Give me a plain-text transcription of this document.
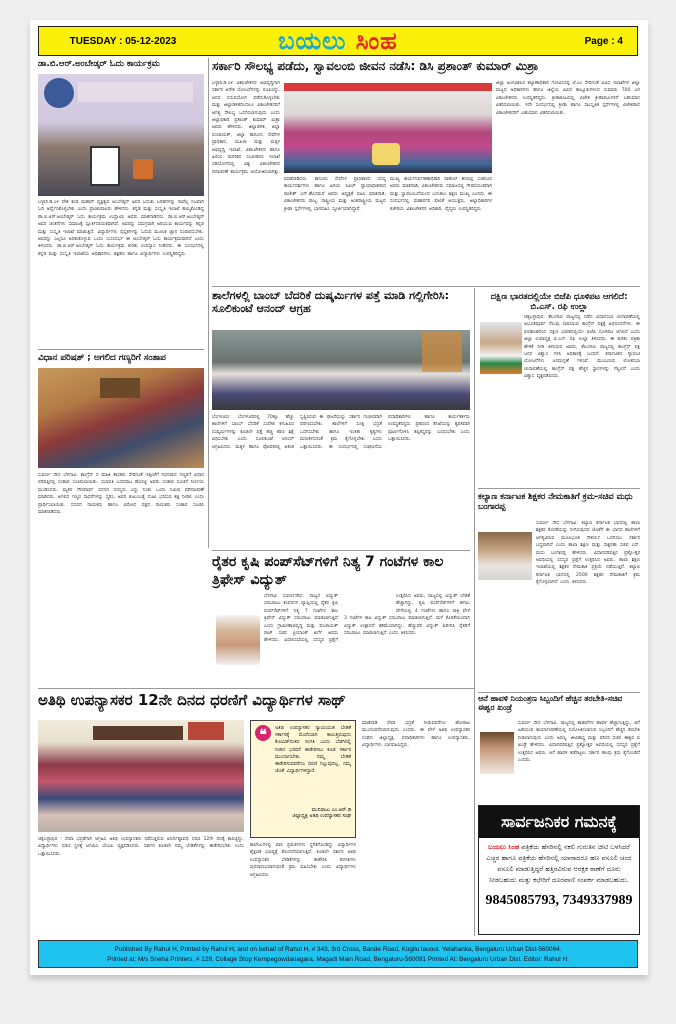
TUESDAY : 05-12-2023	ಬಯಲು ಸಿಂಹ	Page : 4
ಡಾ.ಬಿ.ಆರ್.ಅಂಬೇಡ್ಕರ್ ಓದು ಕಾರ್ಯಕ್ರಮ
ಬಳ್ಳಾರಿ.ಡಿ.೦೪ ದೇಶ ಕಂಡ ಮಹಾನ್ ವ್ಯಕ್ತಿತ್ವದ ಅಂಬೇಡ್ಕರ್ ಅವರ ಬದುಕು ಬರಹಗಳನ್ನು ನಾವೆಲ್ಲ ನಿಜವಾಗಿ ಓದಿ ಅರ್ಥೈಸಿಕೊಳ್ಳಬೇಕು ಎಂದು ಪ್ರಾಂಶುಪಾಲರು ಹೇಳಿದರು. ಕನ್ನಡ ಮತ್ತು ಸಂಸ್ಕೃತಿ ಇಲಾಖೆ ಹಮ್ಮಿಕೊಂಡಿದ್ದ ಡಾ.ಬಿ.ಆರ್.ಅಂಬೇಡ್ಕರ್ ಓದು ಕಾರ್ಯಕ್ರಮ ಉದ್ಘಾಟಿಸಿ ಅವರು ಮಾತನಾಡಿದರು. ಡಾ.ಬಿ.ಆರ್.ಅಂಬೇಡ್ಕರ್ ಅವರ ಚಿಂತನೆಗಳು ಸಮಾಜಕ್ಕೆ ಸ್ಪೂರ್ತಿದಾಯಕವಾಗಿವೆ, ಅವರನ್ನು ಸಮಗ್ರವಾಗಿ ಅರಿಯುವ ಕಾರ್ಯವನ್ನು ಕನ್ನಡ ಮತ್ತು ಸಂಸ್ಕೃತಿ ಇಲಾಖೆ ಮಾಡುತ್ತಿದೆ. ವಿದ್ಯಾರ್ಥಿಗಳು ಪುಸ್ತಕಗಳನ್ನು ಓದುವ ಮೂಲಕ ಜ್ಞಾನ ಸಂಪಾದಿಸಬೇಕು. ಅವರನ್ನು ಎಲ್ಲರೂ ಅರಿತುಕೊಳ್ಳುವ ಒಂದು ಸುಸಂದರ್ಭ ಈ ಅಂಬೇಡ್ಕರ್ ಓದು ಕಾರ್ಯಕ್ರಮವಾಗಿದೆ ಎಂದು ತಿಳಿಸಿದರು. ಡಾ.ಬಿ.ಆರ್.ಅಂಬೇಡ್ಕರ್ ಓದು ಕಾರ್ಯಕ್ರಮ ಕುರಿತು ಉಪನ್ಯಾಸ ನೀಡಿದರು. ಈ ಸಂದರ್ಭದಲ್ಲಿ ಕನ್ನಡ ಮತ್ತು ಸಂಸ್ಕೃತಿ ಇಲಾಖೆಯ ಅಧಿಕಾರಿಗಳು, ಶಿಕ್ಷಕರು ಹಾಗೂ ವಿದ್ಯಾರ್ಥಿಗಳು ಉಪಸ್ಥಿತರಿದ್ದರು.
ಸರ್ಕಾರಿ ಸೌಲಭ್ಯ ಪಡೆದು, ಸ್ವಾವಲಂಬಿ ಜೀವನ ನಡೆಸಿ: ಡಿಸಿ ಪ್ರಶಾಂತ್ ಕುಮಾರ್ ಮಿಶ್ರಾ
ಬಳ್ಳಾರಿ.ಡಿ.೦೪ ವಿಕಲಚೇತನರ ಅಭಿವೃದ್ಧಿಗಾಗಿ ಸರ್ಕಾರ ಅನೇಕ ಯೋಜನೆಗಳನ್ನು ರೂಪಿಸಿದ್ದು, ಅದರ ಸದುಪಯೋಗ ಪಡೆದುಕೊಳ್ಳಬೇಕು ಮತ್ತು ಜಿಲ್ಲಾಡಳಿತದಿಂದಲೂ ವಿಕಲಚೇತನರಿಗೆ ಅಗತ್ಯ ಸೌಲಭ್ಯ ಒದಗಿಸಲಾಗುವುದು ಎಂದು ಜಿಲ್ಲಾಧಿಕಾರಿ ಪ್ರಶಾಂತ್ ಕುಮಾರ್ ಮಿಶ್ರಾ ಅವರು ಹೇಳಿದರು. ಜಿಲ್ಲಾಡಳಿತ, ಜಿಲ್ಲಾ ಪಂಚಾಯತ್, ಜಿಲ್ಲಾ ಕಾನೂನು ಸೇವೆಗಳ ಪ್ರಾಧಿಕಾರ, ಮಹಿಳಾ ಮತ್ತು ಮಕ್ಕಳ ಅಭಿವೃದ್ಧಿ ಇಲಾಖೆ, ವಿಕಲಚೇತನರ ಹಾಗೂ ಹಿರಿಯ ನಾಗರಿಕರ ಸಬಲೀಕರಣ ಇಲಾಖೆ ಸಹಯೋಗದಲ್ಲಿ ವಿಶ್ವ ವಿಕಲಚೇತನರ ದಿನಾಚರಣೆ ಕಾರ್ಯಕ್ರಮ ಆಯೋಜಿಸಲಾಗಿತ್ತು.
ಮಾತನಾಡಿದರು. ಕಾನೂನು ಸೇವೆಗಳ ಪ್ರಾಧಿಕಾರದ ಸದಸ್ಯ ಕಾರ್ಯದರ್ಶಿಗಳು ಹಾಗೂ ಹಿರಿಯ ಸಿವಿಲ್ ನ್ಯಾಯಾಧೀಶರಾದ ರಾಜೇಶ್ ಎನ್.ಹೊಸಮನೆ ಅವರು ಅಧ್ಯಕ್ಷತೆ ವಹಿಸಿ ಮಾತನಾಡಿ, ವಿಕಲಚೇತನರು ರಾಜ್ಯ, ರಾಷ್ಟ್ರೀಯ ಮತ್ತು ಅಂತರಾಷ್ಟ್ರೀಯ ಮಟ್ಟದ ಕ್ರೀಡಾ ಸ್ಪರ್ಧೆಗಳಲ್ಲಿ ಭಾಗವಹಿಸಿ ಸ್ಫೂರ್ತಿಯಾಗಿದ್ದಾರೆ.
ಮುಖ್ಯ ಕಾರ್ಯನಿರ್ವಹಣಾಧಿಕಾರಿ ರಾಹುಲ್ ಶರಣಪ್ಪ ಸಂಕನೂರ ಅವರು ಮಾತನಾಡಿ, ವಿಕಲಚೇತನರು ಸಮಾಜದಲ್ಲಿ ಗೌರವಯುತವಾಗಿ ಮತ್ತು ಸ್ವಾವಲಂಬನೆಯಿಂದ ಬದುಕಲು ಶಿಕ್ಷಣ ಮುಖ್ಯ ಎಂದರು. ಈ ಸಂದರ್ಭದಲ್ಲಿ ಮಹಾನಗರ ಪಾಲಿಕೆ ಆಯುಕ್ತರು, ಜಿಲ್ಲಾಧಿಕಾರಿಗಳ ಕಚೇರಿಯ ವಿಕಲಚೇತನರ ಅಧಿಕಾರಿ, ವೈದ್ಯರು ಉಪಸ್ಥಿತರಿದ್ದರು.
ಜಿಲ್ಲಾ ಅಂಗವಿಕಲರ ಕಲ್ಯಾಣಾಧಿಕಾರಿ ಗೋವಿಂದಪ್ಪ ಜೆ.ಎಂ ಸೇರಿದಂತೆ ವಿವಿಧ ಇಲಾಖೆಗಳ ಜಿಲ್ಲಾ ಮಟ್ಟದ ಅಧಿಕಾರಿಗಳು ಹಾಗೂ ಜಿಲ್ಲೆಯ ವಿವಿಧ ತಾಲ್ಲೂಕುಗಳಿಂದ ಸುಮಾರು 700 ಜನ ವಿಕಲಚೇತನರು ಉಪಸ್ಥಿತರಿದ್ದರು. ಕ್ರೀಡಾಕೂಟದಲ್ಲಿ ವಿಜೇತ ಕ್ರೀಡಾಪಟುಗಳಿಗೆ ಬಹುಮಾನ ವಿತರಿಸಲಾಯಿತು. ಇದೇ ಸಂದರ್ಭದಲ್ಲಿ ಕ್ರೀಡಾ ಹಾಗೂ ಸಾಂಸ್ಕೃತಿಕ ಸ್ಪರ್ಧೆಗಳಲ್ಲಿ ವಿಜೇತರಾದ ವಿಕಲಚೇತನರಿಗೆ ಬಹುಮಾನ ವಿತರಿಸಲಾಯಿತು.
ವಿಧಾನ ಪರಿಷತ್ ; ಅಗಲಿದ ಗಣ್ಯರಿಗೆ ಸಂತಾಪ
ಸುವರ್ಣ ಸೌಧ ಬೆಳಗಾವಿ: ಕಾಂಗ್ರೆಸ್ ನ ಮಾಜಿ ಶಾಸಕರು ಸೇರಿದಂತೆ ಇತ್ತೀಚೆಗೆ ನಿಧನರಾದ ಗಣ್ಯರಿಗೆ ವಿಧಾನ ಪರಿಷತ್ತಿನಲ್ಲಿ ಸಂತಾಪ ಸೂಚಿಸಲಾಯಿತು. ಸಭಾಪತಿ ಬಸವರಾಜ ಹೊರಟ್ಟಿ ಅವರು ಸಂತಾಪ ಸೂಚನೆ ನಿರ್ಣಯ ಮಂಡಿಸಿದರು. ಮೃತರ ಗೌರವಾರ್ಥ ಸದನದ ಸದಸ್ಯರು ಎದ್ದು ನಿಂತು ಒಂದು ನಿಮಿಷ ಮೌನಾಚರಣೆ ಮಾಡಿದರು. ಅಗಲಿದ ಗಣ್ಯರ ಸಾಧನೆಗಳನ್ನು ಸ್ಮರಿಸಿ, ಅವರ ಕುಟುಂಬಕ್ಕೆ ದುಃಖ ಭರಿಸುವ ಶಕ್ತಿ ನೀಡಲಿ ಎಂದು ಪ್ರಾರ್ಥಿಸಲಾಯಿತು. ಸದನದ ನಾಯಕರು ಹಾಗೂ ವಿರೋಧ ಪಕ್ಷದ ನಾಯಕರು ಸಂತಾಪ ಸೂಚಿಸಿ ಮಾತನಾಡಿದರು.
ಶಾಲೆಗಳಲ್ಲಿ ಬಾಂಬ್ ಬೆದರಿಕೆ ದುಷ್ಕರ್ಮಿಗಳ ಪತ್ತೆ ಮಾಡಿ ಗಲ್ಲಿಗೇರಿಸಿ: ಸೂಲಿಕುಂಟೆ ಆನಂದ್ ಆಗ್ರಹ
ಬೆಂಗಳೂರು: ಬೆಂಗಳೂರಿನಲ್ಲಿ 70ಕ್ಕೂ ಹೆಚ್ಚು ಶಾಲೆಗಳಿಗೆ ಬಾಂಬ್ ಬೆದರಿಕೆ ಸಂದೇಶ ಕಳುಹಿಸಿದ ದುಷ್ಕರ್ಮಿಗಳನ್ನು ಕೂಡಲೇ ಪತ್ತೆ ಹಚ್ಚಿ ಕಠಿಣ ಶಿಕ್ಷೆ ವಿಧಿಸಬೇಕು ಎಂದು ಸೂಲಿಕುಂಟೆ ಆನಂದ್ ಆಗ್ರಹಿಸಿದರು. ಮಕ್ಕಳ ಹಾಗೂ ಪೋಷಕರಲ್ಲಿ ಆತಂಕ ಸೃಷ್ಟಿಸಿರುವ ಈ ಘಟನೆಯನ್ನು ಸರ್ಕಾರ ಗಂಭೀರವಾಗಿ ಪರಿಗಣಿಸಬೇಕು. ಶಾಲೆಗಳಿಗೆ ಸೂಕ್ತ ಭದ್ರತೆ ಒದಗಿಸಬೇಕು ಹಾಗೂ ಇಂತಹ ಕೃತ್ಯಗಳು ಮರುಕಳಿಸದಂತೆ ಕ್ರಮ ಕೈಗೊಳ್ಳಬೇಕು ಎಂದು ಒತ್ತಾಯಿಸಿದರು. ಈ ಸಂದರ್ಭದಲ್ಲಿ ಸಂಘಟನೆಯ ಪದಾಧಿಕಾರಿಗಳು ಹಾಗೂ ಕಾರ್ಯಕರ್ತರು ಉಪಸ್ಥಿತರಿದ್ದರು. ಪ್ರಕರಣದ ತನಿಖೆಯನ್ನು ತ್ವರಿತವಾಗಿ ಪೂರ್ಣಗೊಳಿಸಿ ತಪ್ಪಿತಸ್ಥರನ್ನು ಬಂಧಿಸಬೇಕು ಎಂದು ಒತ್ತಾಯಿಸಿದರು.
ದಕ್ಷಿಣ ಭಾರತದಲ್ಲಿಯೇ ಬಿಜೆಪಿ ಧೂಳಿಪಟ ಆಗಲಿದೆ: ಬಿ.ಎಸ್. ರಫಿ ಉಲ್ಲಾ
ಚಿಕ್ಕಬಳ್ಳಾಪುರ: ತೆಲಂಗಾಣ ರಾಜ್ಯದಲ್ಲಿ ನಡೆದ ವಿಧಾನಸಭಾ ಚುನಾವಣೆಯಲ್ಲಿ ಅಭೂತಪೂರ್ವ ಗೆಲುವು ಸಾಧಿಸಿರುವ ಕಾಂಗ್ರೆಸ್ ಪಕ್ಷಕ್ಕೆ ಅಭಿನಂದನೆಗಳು. ಈ ಫಲಿತಾಂಶದಿಂದ ದಕ್ಷಿಣ ಭಾರತದಲ್ಲಿಯೇ ಬಿಜೆಪಿ ಧೂಳಿಪಟ ಆಗಲಿದೆ ಎಂದು ಜಿಲ್ಲಾ ಉಪಾಧ್ಯಕ್ಷ ಬಿ.ಎಸ್. ರಫಿ ಉಲ್ಲಾ ತಿಳಿಸಿದರು. ಈ ಕುರಿತು ಪತ್ರಿಕಾ ಹೇಳಿಕೆ ನೀಡಿ ತಿಳಿಸಿರುವ ಅವರು, ತೆಲಂಗಾಣ ರಾಜ್ಯದಲ್ಲಿ ಕಾಂಗ್ರೆಸ್ ಪಕ್ಷ ಜನರ ವಿಶ್ವಾಸ ಗಳಿಸಿ ಅಧಿಕಾರಕ್ಕೆ ಬಂದಿದೆ. ಕರ್ನಾಟಕದ ಗ್ಯಾರಂಟಿ ಯೋಜನೆಗಳು ಜನಮನ್ನಣೆ ಗಳಿಸಿವೆ. ಮುಂಬರುವ ಲೋಕಸಭಾ ಚುನಾವಣೆಯಲ್ಲಿ ಕಾಂಗ್ರೆಸ್ ಪಕ್ಷ ಹೆಚ್ಚಿನ ಸ್ಥಾನಗಳನ್ನು ಗೆಲ್ಲಲಿದೆ ಎಂದು ವಿಶ್ವಾಸ ವ್ಯಕ್ತಪಡಿಸಿದರು.
ಕಲ್ಯಾಣ ಕರ್ನಾಟಕ ಶಿಕ್ಷಕರ ನೇಮಕಾತಿಗೆ ಕ್ರಮ-ಸಚಿವ ಮಧು ಬಂಗಾರಪ್ಪ
ಸುವರ್ಣ ಸೌಧ ಬೆಳಗಾವಿ: ಕಲ್ಯಾಣ ಕರ್ನಾಟಕ ಭಾಗದಲ್ಲಿ ಶಾಲಾ ಶಿಕ್ಷಕರ ಕೊರತೆಯನ್ನು ನೀಗಿಸುವುದರ ಜೊತೆಗೆ ಈ ಭಾಗದ ಶಾಲೆಗಳಿಗೆ ಅಗತ್ಯವಿರುವ ಮೂಲಭೂತ ಸೌಕರ್ಯ ಒದಗಿಸಲು ಸರ್ಕಾರ ಬದ್ಧವಾಗಿದೆ ಎಂದು ಶಾಲಾ ಶಿಕ್ಷಣ ಮತ್ತು ಸಾಕ್ಷರತಾ ಸಚಿವ ಎಸ್. ಮಧು ಬಂಗಾರಪ್ಪ ಹೇಳಿದರು. ವಿಧಾನಪರಿಷತ್ತಿನ ಪ್ರಶ್ನೋತ್ತರ ಅವಧಿಯಲ್ಲಿ ಸದಸ್ಯರ ಪ್ರಶ್ನೆಗೆ ಉತ್ತರಿಸಿದ ಅವರು, ಶಾಲಾ ಶಿಕ್ಷಣ ಇಲಾಖೆಯಲ್ಲಿ ಶಿಕ್ಷಕರ ನೇಮಕಾತಿ ಪ್ರಕ್ರಿಯೆ ನಡೆಯುತ್ತಿದೆ. ಕಲ್ಯಾಣ ಕರ್ನಾಟಕ ಭಾಗದಲ್ಲಿ 2500 ಶಿಕ್ಷಕರ ನೇಮಕಾತಿಗೆ ಕ್ರಮ ಕೈಗೊಳ್ಳಲಾಗಿದೆ ಎಂದು ತಿಳಿಸಿದರು.
ರೈತರ ಕೃಷಿ ಪಂಪ್‌ಸೆಟ್‌ಗಳಿಗೆ ನಿತ್ಯ 7 ಗಂಟೆಗಳ ಕಾಲ ತ್ರಿಫೇಸ್ ವಿದ್ಯುತ್
ಬೆಳಗಾವಿ ಸುವರ್ಣಸೌಧ: ರಾಜ್ಯದ ವಿದ್ಯುತ್ ಸರಬರಾಜು ಕಂಪನಿಗಳ ವ್ಯಾಪ್ತಿಯಲ್ಲಿ ರೈತರ ಕೃಷಿ ಪಂಪ್‌ಸೆಟ್‌ಗಳಿಗೆ ನಿತ್ಯ 7 ಗಂಟೆಗಳ ಕಾಲ ತ್ರಿಫೇಸ್ ವಿದ್ಯುತ್ ಸರಬರಾಜು ಮಾಡಲಾಗುತ್ತಿದೆ ಎಂದು ಗ್ರಾಮೀಣಾಭಿವೃದ್ಧಿ ಮತ್ತು ಪಂಚಾಯತ್ ರಾಜ್ ಸಚಿವ ಪ್ರಿಯಾಂಕ್ ಖರ್ಗೆ ಅವರು ಹೇಳಿದರು. ವಿಧಾನಸಭೆಯಲ್ಲಿ ಸದಸ್ಯರ ಪ್ರಶ್ನೆಗೆ ಉತ್ತರಿಸಿದ ಅವರು, ರಾಜ್ಯದಲ್ಲಿ ವಿದ್ಯುತ್ ಬೇಡಿಕೆ ಹೆಚ್ಚಾಗಿದ್ದು, ಕೃಷಿ ಪಂಪ್‌ಸೆಟ್‌ಗಳಿಗೆ ಹಗಲು ವೇಳೆಯಲ್ಲಿ 4 ಗಂಟೆಗಳು ಹಾಗೂ ರಾತ್ರಿ ವೇಳೆ 3 ಗಂಟೆಗಳ ಕಾಲ ವಿದ್ಯುತ್ ಸರಬರಾಜು ಮಾಡಲಾಗುತ್ತಿದೆ. ಮಳೆ ಕೊರತೆಯಿಂದಾಗಿ ವಿದ್ಯುತ್ ಉತ್ಪಾದನೆ ಕಡಿಮೆಯಾಗಿದ್ದು, ಹೆಚ್ಚುವರಿ ವಿದ್ಯುತ್ ಖರೀದಿಸಿ ರೈತರಿಗೆ ಸರಬರಾಜು ಮಾಡಲಾಗುತ್ತಿದೆ ಎಂದು ತಿಳಿಸಿದರು.
ಅತಿಥಿ ಉಪನ್ಯಾಸಕರ 12ನೇ ದಿನದ ಧರಣಿಗೆ ವಿದ್ಯಾರ್ಥಿಗಳ ಸಾಥ್
ಚಿಕ್ಕಬಳ್ಳಾಪುರ : ಸೇವಾ ಭದ್ರತೆಗಾಗಿ ಆಗ್ರಹಿಸಿ ಅತಿಥಿ ಉಪನ್ಯಾಸಕರು ನಡೆಸುತ್ತಿರುವ ಅನಿರ್ದಿಷ್ಟಾವಧಿ ಧರಣಿ 12ನೇ ದಿನಕ್ಕೆ ಕಾಲಿಟ್ಟಿದ್ದು, ವಿದ್ಯಾರ್ಥಿಗಳು ಧರಣಿ ಸ್ಥಳಕ್ಕೆ ಆಗಮಿಸಿ ಬೆಂಬಲ ವ್ಯಕ್ತಪಡಿಸಿದರು. ಸರ್ಕಾರ ಕೂಡಲೇ ನಮ್ಮ ಬೇಡಿಕೆಗಳನ್ನು ಈಡೇರಿಸಬೇಕು ಎಂದು ಒತ್ತಾಯಿಸಿದರು.
❝	ಅತಿಥಿ ಉಪನ್ಯಾಸಕರ ನ್ಯಾಯಯುತ ಬೇಡಿಕೆ ಸರ್ಕಾರಕ್ಕೆ ಮೊರೆಯಾಗಿ ಕಾಲುತ್ತಿರುವುದು ಕೋವಿಡ್‌ನಂತರ ಸಂಗತಿ ಎಂದು ಬೆಡಗಿನಲ್ಲಿ ನೀಡಿದ ಭರವಸೆ ಈಡೇರಿಸಲು ಕೂಡ ಸರ್ಕಾರ ಮುಂದಾಗಬೇಕು. ನಮ್ಮ ಬೇಡಿಕೆ ಈಡೇರಿಸುವವರೆಗೂ ಧರಣಿ ನಿಲ್ಲುವುದಿಲ್ಲ. ನಮ್ಮ ಜೊತೆ ವಿದ್ಯಾರ್ಥಿಗಳಿದ್ದಾರೆ.
ಮುನಿರಾಜು ಎಂ.ಆರ್.ಡಿ
ಜಿಲ್ಲಾಧ್ಯಕ್ಷ ಅತಿಥಿ ಉಪನ್ಯಾಸಕರ ಸಂಘ
ಕಾಲೇಜುಗಳಲ್ಲಿ ಪಾಠ ಪ್ರವಚನಗಳು ಸ್ಥಗಿತಗೊಂಡಿದ್ದು ವಿದ್ಯಾರ್ಥಿಗಳ ಶೈಕ್ಷಣಿಕ ಭವಿಷ್ಯಕ್ಕೆ ತೊಂದರೆಯಾಗುತ್ತಿದೆ. ಕೂಡಲೇ ಸರ್ಕಾರ ಅತಿಥಿ ಉಪನ್ಯಾಸಕರ ಬೇಡಿಕೆಗಳನ್ನು ಈಡೇರಿಸಿ ತರಗತಿಗಳು ಪುನರಾರಂಭವಾಗುವಂತೆ ಕ್ರಮ ವಹಿಸಬೇಕು ಎಂದು ವಿದ್ಯಾರ್ಥಿಗಳು ಆಗ್ರಹಿಸಿದರು.
ಮಾತನಾಡಿ ಸೇವಾ ಭದ್ರತೆ ನೀಡುವವರೆಗೂ ಹೋರಾಟ ಮುಂದುವರೆಸಲಾಗುವುದು ಎಂದರು. ಈ ವೇಳೆ ಅತಿಥಿ ಉಪನ್ಯಾಸಕರ ಸಂಘದ ಜಿಲ್ಲಾಧ್ಯಕ್ಷ, ಪದಾಧಿಕಾರಿಗಳು ಹಾಗೂ ಉಪನ್ಯಾಸಕರು, ವಿದ್ಯಾರ್ಥಿಗಳು ಭಾಗವಹಿಸಿದ್ದರು.
ಆನೆ ಹಾವಳಿ ನಿಯಂತ್ರಣ ಸಿಬ್ಬಂದಿಗೆ ಹೆಚ್ಚಿನ ತರಬೇತಿ-ಸಚಿವ ಈಶ್ವರ ಖಂಡ್ರೆ
ಸುವರ್ಣ ಸೌಧ ಬೆಳಗಾವಿ, ರಾಜ್ಯದಲ್ಲಿ ಕಾಡಾನೆಗಳ ಹಾವಳಿ ಹೆಚ್ಚಾಗುತ್ತಿದ್ದು, ಆನೆ ಹಿಡಿಯುವ ಕಾರ್ಯಾಚರಣೆಯಲ್ಲಿ ನಿಯೋಜಿಸಲಾಗುವ ಸಿಬ್ಬಂದಿಗೆ ಹೆಚ್ಚಿನ ತರಬೇತಿ ನೀಡಲಾಗುವುದು ಎಂದು ಅರಣ್ಯ, ಜೀವಿಶಾಸ್ತ್ರ ಮತ್ತು ಪರಿಸರ ಸಚಿವ ಈಶ್ವರ ಬಿ ಖಂಡ್ರೆ ಹೇಳಿದರು. ವಿಧಾನಪರಿಷತ್ತಿನ ಪ್ರಶ್ನೋತ್ತರ ಅವಧಿಯಲ್ಲಿ ಸದಸ್ಯರ ಪ್ರಶ್ನೆಗೆ ಉತ್ತರಿಸಿದ ಅವರು, ಆನೆ ಹಾವಳಿ ತಡೆಗಟ್ಟಲು ಸರ್ಕಾರ ಹಲವು ಕ್ರಮ ಕೈಗೊಂಡಿದೆ ಎಂದರು.
ಸಾರ್ವಜನಿಕರ ಗಮನಕ್ಕೆ
ಬಯಲು ಸಿಂಹ ಪತ್ರಿಕೆಯ ಹೆಸರಿನಲ್ಲಿ ನಕಲಿ ಗುರುತಿನ ಚೀಟಿ ಬಳಸಿದರೆ ಎಚ್ಚರ ಹಾಗೂ ಪತ್ರಿಕೆಯ ಹೆಸರಿನಲ್ಲಿ ಯಾರಾದರೂ ಹಣ ವಸೂಲಿ ಚಂದ ವಸೂಲಿ ಮಾಡುತ್ತಿದ್ದರೆ ಹತ್ತಿರವಿರುವ ಆರಕ್ಷಕ ಠಾಣೆಗೆ ದೂರು ನೀಡಬಹುದು ಮತ್ತು ಕಛೇರಿಗೆ ದೂರವಾಣಿ ಸಂಪರ್ಕ ಮಾಡಬಹುದು.
9845085793, 7349337989
Published By Rahul H, Printed by Rahul H, and on behalf of Rahul H, # 343, 3rd Cross, Bande Road, Kogilu lauout. Yelahanka, Bengaluru Urban Dist-560064.
Printed at: M/s Sneha Printers, # 129, Collage Stop Kempegowdanagara, Magadi Main Road, Bengaluru-560091 Printed At: Bengaluru Urban Dist. Editor: Rahul H.
